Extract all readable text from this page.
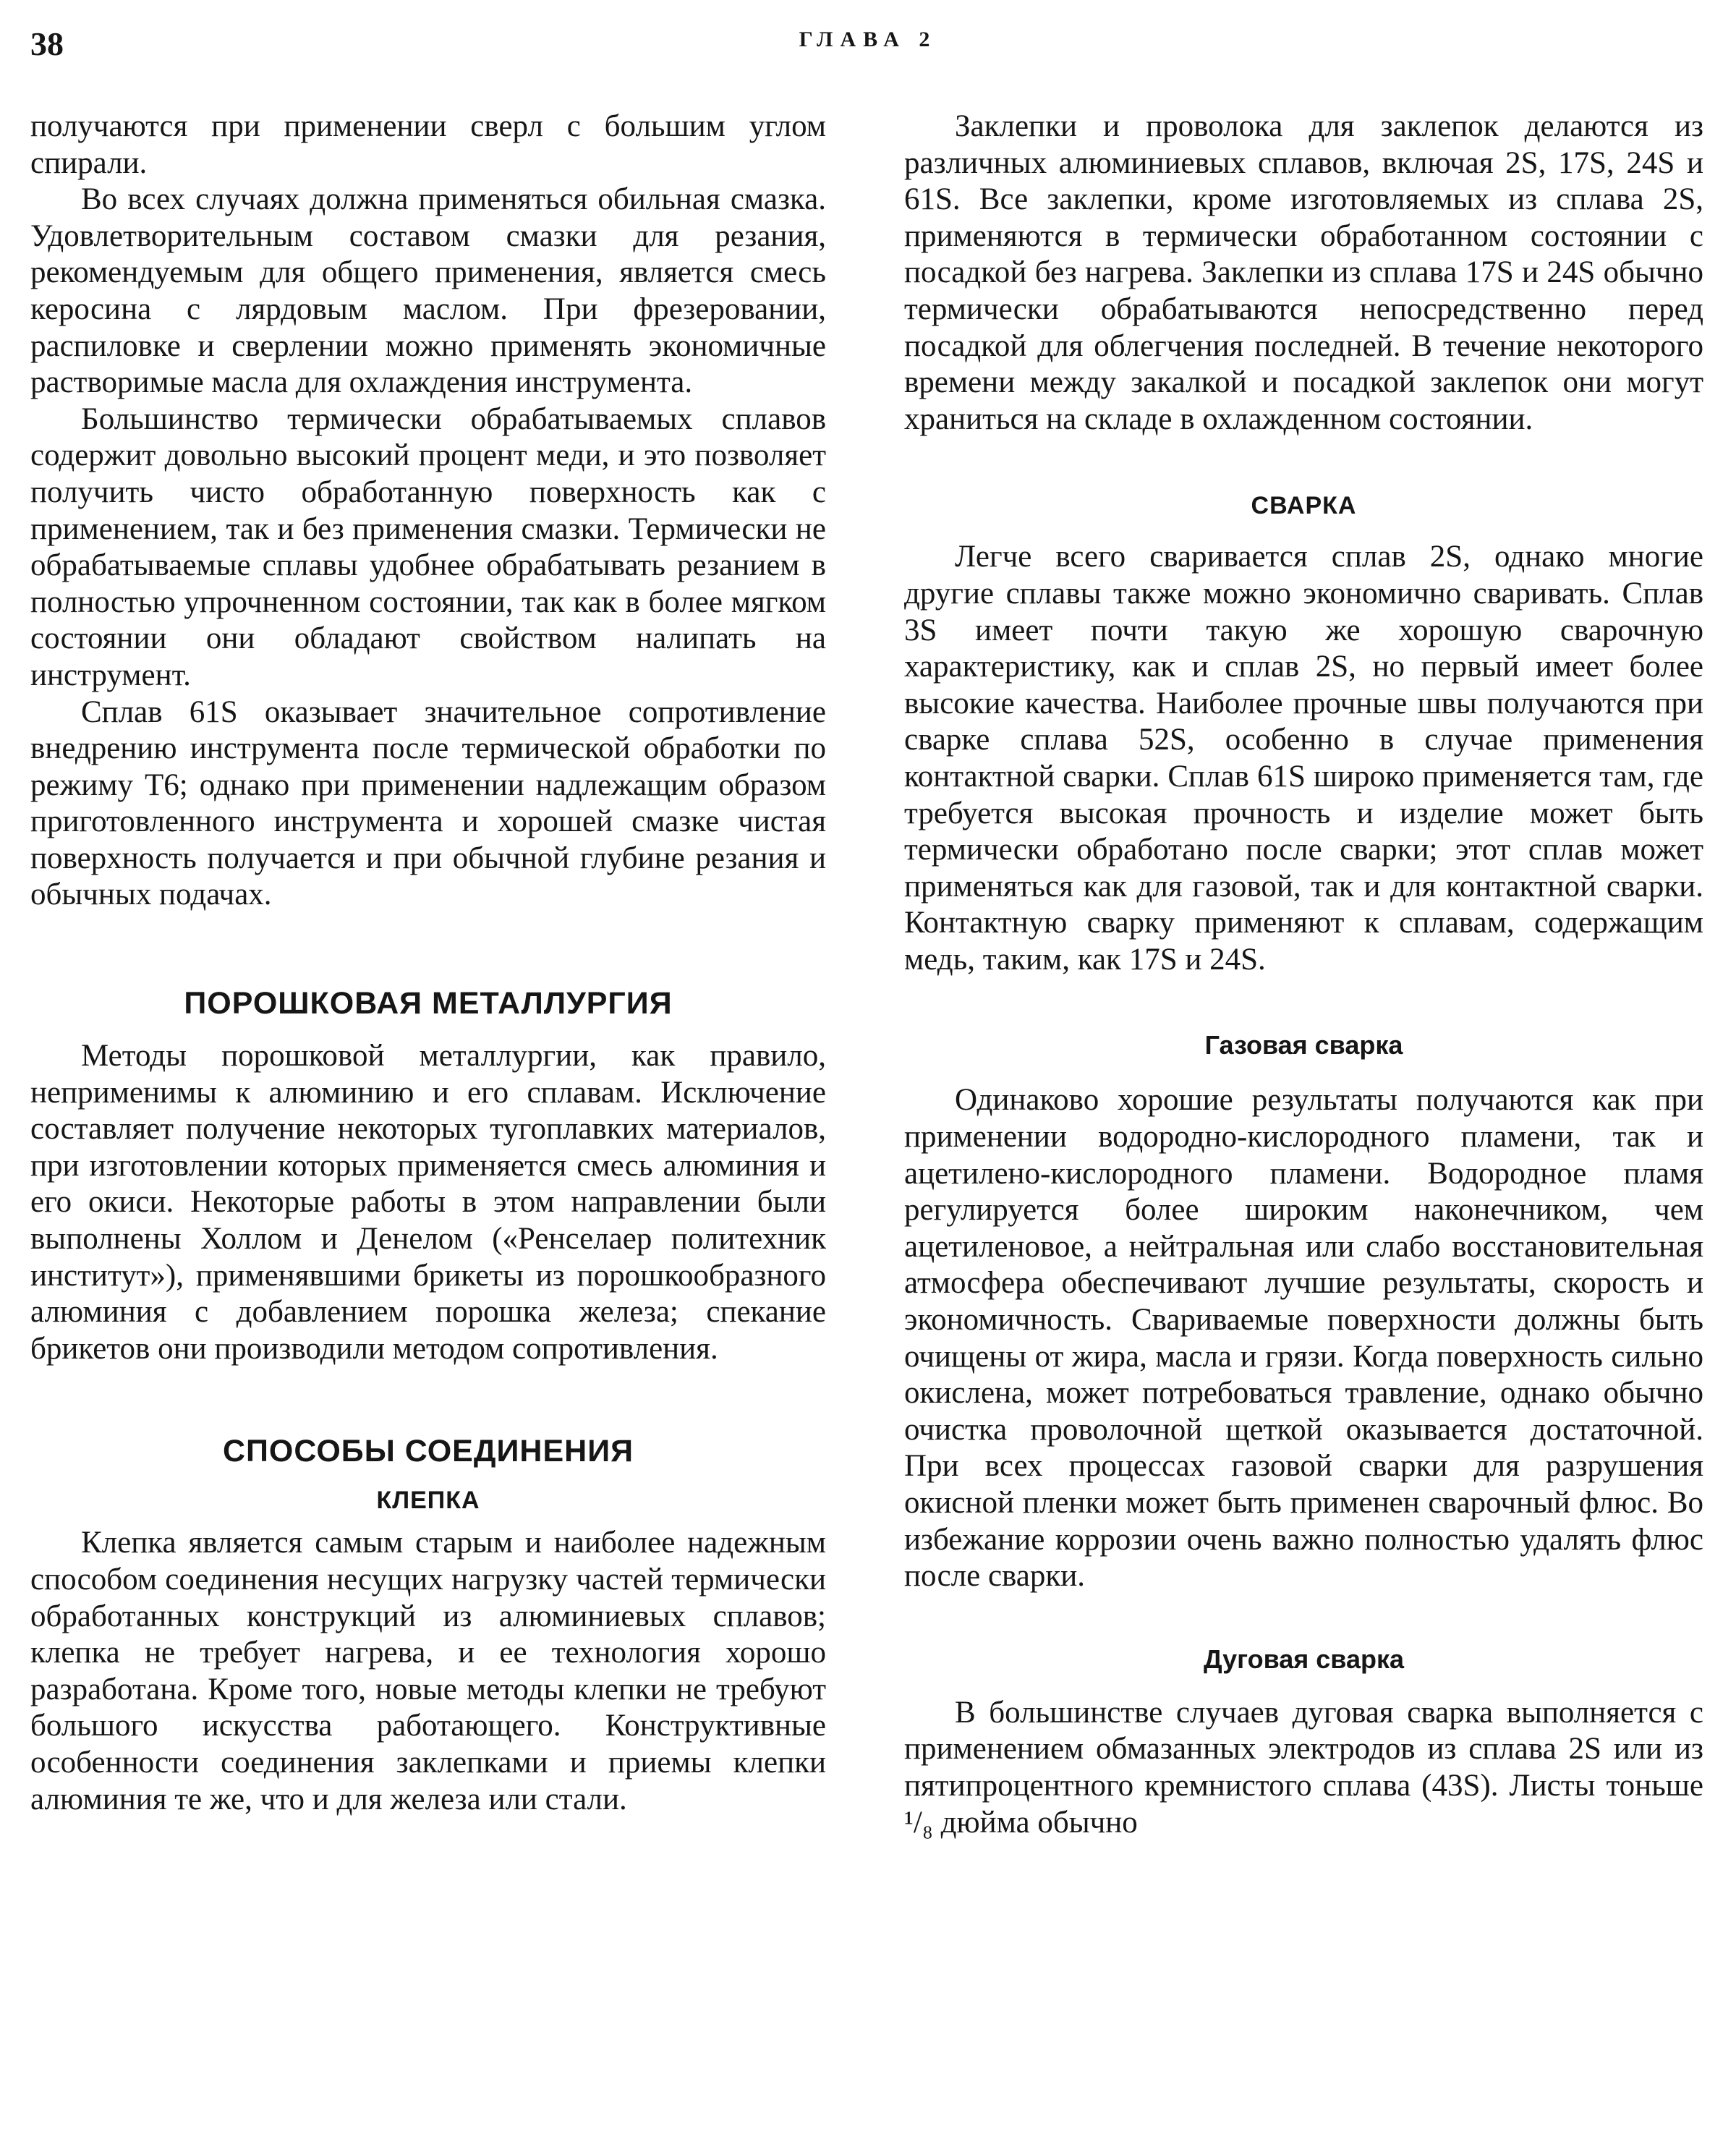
38	ГЛАВА 2

получаются при применении сверл с большим углом спирали.

Во всех случаях должна применяться обильная смазка. Удовлетворительным составом смазки для резания, рекомендуемым для общего применения, является смесь керосина с лярдовым маслом. При фрезеровании, распиловке и сверлении можно применять экономичные растворимые масла для охлаждения инструмента.

Большинство термически обрабатываемых сплавов содержит довольно высокий процент меди, и это позволяет получить чисто обработанную поверхность как с применением, так и без применения смазки. Термически не обрабатываемые сплавы удобнее обрабатывать резанием в полностью упрочненном состоянии, так как в более мягком состоянии они обладают свойством налипать на инструмент.

Сплав 61S оказывает значительное сопротивление внедрению инструмента после термической обработки по режиму Т6; однако при применении надлежащим образом приготовленного инструмента и хорошей смазке чистая поверхность получается и при обычной глубине резания и обычных подачах.

ПОРОШКОВАЯ МЕТАЛЛУРГИЯ

Методы порошковой металлургии, как правило, неприменимы к алюминию и его сплавам. Исключение составляет получение некоторых тугоплавких материалов, при изготовлении которых применяется смесь алюминия и его окиси. Некоторые работы в этом направлении были выполнены Холлом и Денелом («Ренселаер политехник институт»), применявшими брикеты из порошкообразного алюминия с добавлением порошка железа; спекание брикетов они производили методом сопротивления.

СПОСОБЫ СОЕДИНЕНИЯ
КЛЕПКА

Клепка является самым старым и наиболее надежным способом соединения несущих нагрузку частей термически обработанных конструкций из алюминиевых сплавов; клепка не требует нагрева, и ее технология хорошо разработана. Кроме того, новые методы клепки не требуют большого искусства работающего. Конструктивные особенности соединения заклепками и приемы клепки алюминия те же, что и для железа или стали.

Заклепки и проволока для заклепок делаются из различных алюминиевых сплавов, включая 2S, 17S, 24S и 61S. Все заклепки, кроме изготовляемых из сплава 2S, применяются в термически обработанном состоянии с посадкой без нагрева. Заклепки из сплава 17S и 24S обычно термически обрабатываются непосредственно перед посадкой для облегчения последней. В течение некоторого времени между закалкой и посадкой заклепок они могут храниться на складе в охлажденном состоянии.

СВАРКА

Легче всего сваривается сплав 2S, однако многие другие сплавы также можно экономично сваривать. Сплав 3S имеет почти такую же хорошую сварочную характеристику, как и сплав 2S, но первый имеет более высокие качества. Наиболее прочные швы получаются при сварке сплава 52S, особенно в случае применения контактной сварки. Сплав 61S широко применяется там, где требуется высокая прочность и изделие может быть термически обработано после сварки; этот сплав может применяться как для газовой, так и для контактной сварки. Контактную сварку применяют к сплавам, содержащим медь, таким, как 17S и 24S.

Газовая сварка

Одинаково хорошие результаты получаются как при применении водородно-кислородного пламени, так и ацетилено-кислородного пламени. Водородное пламя регулируется более широким наконечником, чем ацетиленовое, а нейтральная или слабо восстановительная атмосфера обеспечивают лучшие результаты, скорость и экономичность. Свариваемые поверхности должны быть очищены от жира, масла и грязи. Когда поверхность сильно окислена, может потребоваться травление, однако обычно очистка проволочной щеткой оказывается достаточной. При всех процессах газовой сварки для разрушения окисной пленки может быть применен сварочный флюс. Во избежание коррозии очень важно полностью удалять флюс после сварки.

Дуговая сварка

В большинстве случаев дуговая сварка выполняется с применением обмазанных электродов из сплава 2S или из пятипроцентного кремнистого сплава (43S). Листы тоньше ¹/₈ дюйма обычно
